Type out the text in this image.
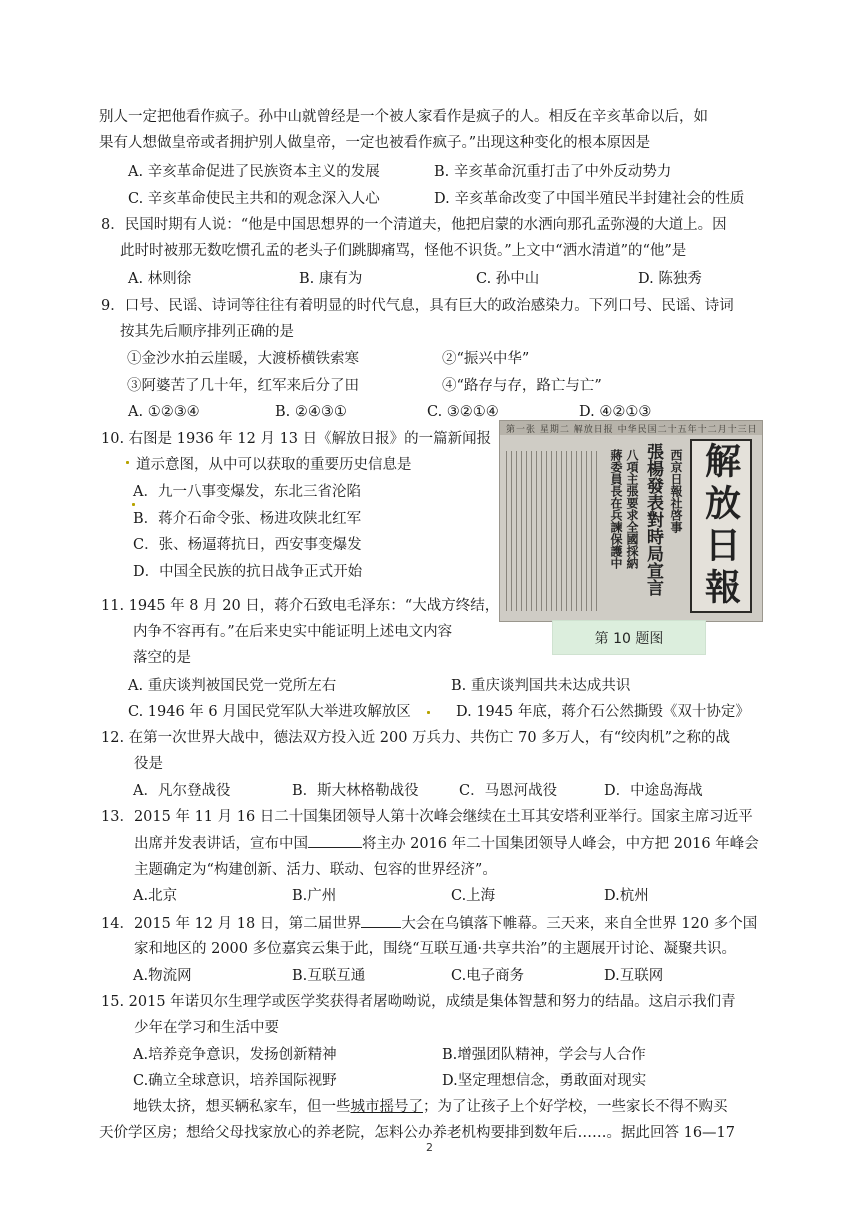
别人一定把他看作疯子。孙中山就曾经是一个被人家看作是疯子的人。相反在辛亥革命以后，如
果有人想做皇帝或者拥护别人做皇帝，一定也被看作疯子。”出现这种变化的根本原因是
A. 辛亥革命促进了民族资本主义的发展	B. 辛亥革命沉重打击了中外反动势力
C. 辛亥革命使民主共和的观念深入人心	D. 辛亥革命改变了中国半殖民半封建社会的性质
8．民国时期有人说：“他是中国思想界的一个清道夫，他把启蒙的水洒向那孔孟弥漫的大道上。因
此时时被那无数吃惯孔孟的老头子们跳脚痛骂，怪他不识货。”上文中“洒水清道”的“他”是
A. 林则徐	B. 康有为	C. 孙中山	D. 陈独秀
9．口号、民谣、诗词等往往有着明显的时代气息，具有巨大的政治感染力。下列口号、民谣、诗词
按其先后顺序排列正确的是
①金沙水拍云崖暖，大渡桥横铁索寒	②“振兴中华”
③阿婆苦了几十年，红军来后分了田	④“路存与存，路亡与亡”
A. ①②③④	B. ②④③①	C. ③②①④	D. ④②①③
10. 右图是 1936 年 12 月 13 日《解放日报》的一篇新闻报
道示意图，从中可以获取的重要历史信息是
A．九一八事变爆发，东北三省沦陷
B．蒋介石命令张、杨进攻陕北红军
C．张、杨逼蒋抗日，西安事变爆发
D．中国全民族的抗日战争正式开始
第一张 星期二 解放日报 中华民国二十五年十二月十三日
蔣委員長在兵諫保護中 八項主張要求全國採納 張楊發表對時局宣言 西京日報社啓事 解放日報
第 10 题图
11. 1945 年 8 月 20 日，蒋介石致电毛泽东：“大战方终结，
内争不容再有。”在后来史实中能证明上述电文内容
落空的是
A. 重庆谈判被国民党一党所左右	B. 重庆谈判国共未达成共识
C. 1946 年 6 月国民党军队大举进攻解放区	D. 1945 年底，蒋介石公然撕毁《双十协定》
12. 在第一次世界大战中，德法双方投入近 200 万兵力、共伤亡 70 多万人，有“绞肉机”之称的战
役是
A．凡尔登战役	B．斯大林格勒战役	C．马恩河战役	D．中途岛海战
13．2015 年 11 月 16 日二十国集团领导人第十次峰会继续在土耳其安塔利亚举行。国家主席习近平
出席并发表讲话，宣布中国	将主办 2016 年二十国集团领导人峰会，中方把 2016 年峰会
主题确定为“构建创新、活力、联动、包容的世界经济”。
A.北京	B.广州	C.上海	D.杭州
14．2015 年 12 月 18 日，第二届世界	大会在乌镇落下帷幕。三天来，来自全世界 120 多个国
家和地区的 2000 多位嘉宾云集于此，围绕“互联互通·共享共治”的主题展开讨论、凝聚共识。
A.物流网	B.互联互通	C.电子商务	D.互联网
15. 2015 年诺贝尔生理学或医学奖获得者屠呦呦说，成绩是集体智慧和努力的结晶。这启示我们青
少年在学习和生活中要
A.培养竞争意识，发扬创新精神	B.增强团队精神，学会与人合作
C.确立全球意识，培养国际视野	D.坚定理想信念，勇敢面对现实
地铁太挤，想买辆私家车，但一些城市摇号了；为了让孩子上个好学校，一些家长不得不购买
天价学区房；想给父母找家放心的养老院，怎料公办养老机构要排到数年后……。据此回答 16—17
2
